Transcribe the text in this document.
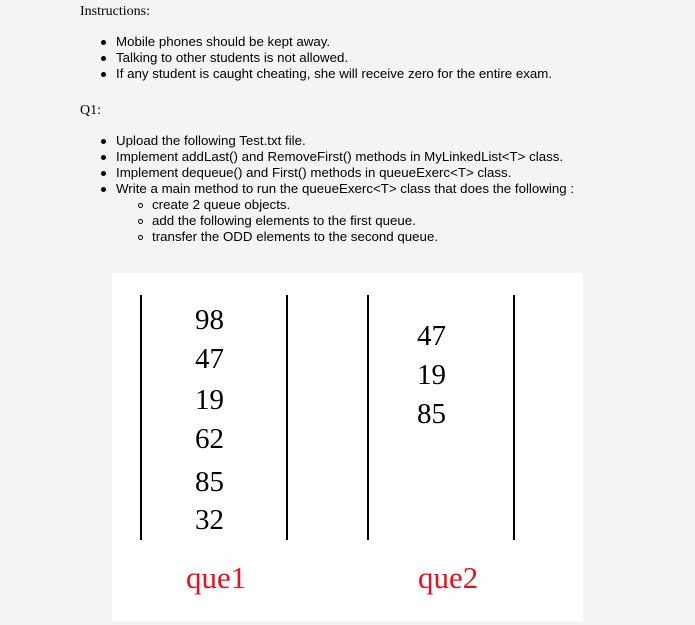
Instructions:
Mobile phones should be kept away.
Talking to other students is not allowed.
If any student is caught cheating, she will receive zero for the entire exam.
Q1:
Upload the following Test.txt file.
Implement addLast() and RemoveFirst() methods in MyLinkedList<T> class.
Implement dequeue() and First() methods in queueExerc<T> class.
Write a main method to run the queueExerc<T> class that does the following :
create 2 queue objects.
add the following elements to the first queue.
transfer the ODD elements to the second queue.
98
47
19
62
85
32
47
19
85
que1	que2
